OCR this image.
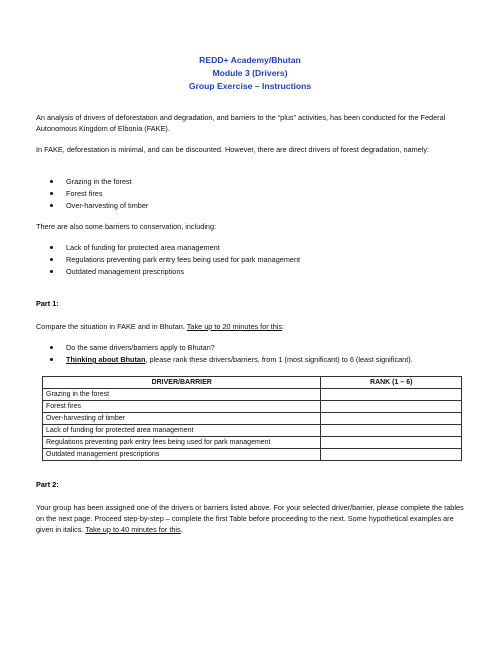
REDD+ Academy/Bhutan
Module 3 (Drivers)
Group Exercise – Instructions
An analysis of drivers of deforestation and degradation, and barriers to the “plus” activities, has been conducted for the Federal Autonomous Kingdom of Elbonia (FAKE).
In FAKE, deforestation is minimal, and can be discounted. However, there are direct drivers of forest degradation, namely:
Grazing in the forest
Forest fires
Over-harvesting of timber
There are also some barriers to conservation, including:
Lack of funding for protected area management
Regulations preventing park entry fees being used for park management
Outdated management prescriptions
Part 1:
Compare the situation in FAKE and in Bhutan. Take up to 20 minutes for this:
Do the same drivers/barriers apply to Bhutan?
Thinking about Bhutan, please rank these drivers/barriers, from 1 (most significant) to 6 (least significant).
DRIVER/BARRIER	RANK (1 – 6)
Grazing in the forest	
Forest fires	
Over-harvesting of timber	
Lack of funding for protected area management	
Regulations preventing park entry fees being used for park management	
Outdated management prescriptions	
Part 2:
Your group has been assigned one of the drivers or barriers listed above. For your selected driver/barrier, please complete the tables on the next page. Proceed step-by-step – complete the first Table before proceeding to the next. Some hypothetical examples are given in italics. Take up to 40 minutes for this.
